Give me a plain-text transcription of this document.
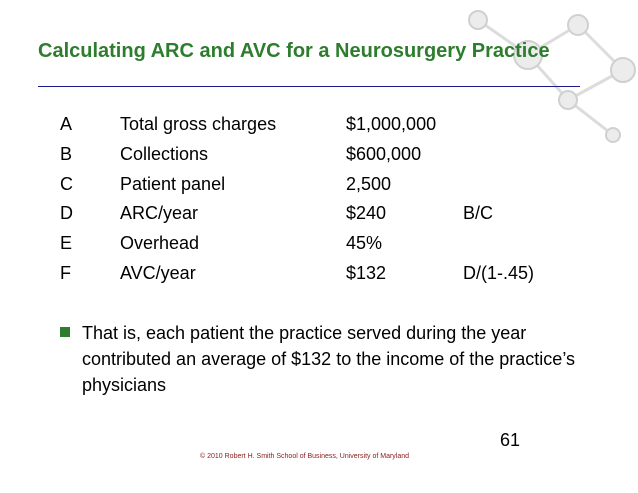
Calculating ARC and AVC for a Neurosurgery Practice
A	Total gross charges	$1,000,000
B	Collections	$600,000
C	Patient panel	2,500
D	ARC/year	$240	B/C
E	Overhead	45%
F	AVC/year	$132	D/(1-.45)
That is, each patient the practice served during the year contributed an average of $132 to the income of the practice’s physicians
61
© 2010 Robert H. Smith School of Business, University of Maryland
